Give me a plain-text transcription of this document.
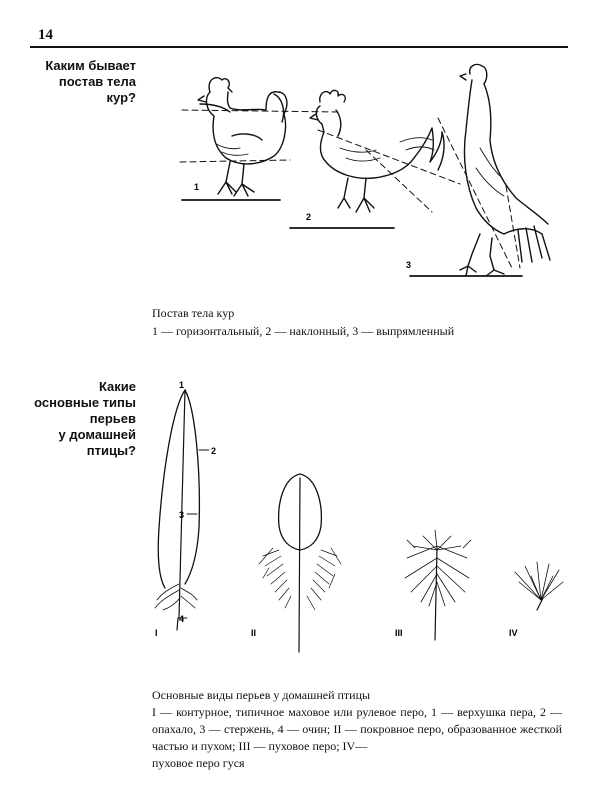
14
Каким бывает
постав тела
кур?
1
2
3
Постав тела кур
1 — горизонтальный, 2 — наклонный, 3 — выпрямленный
Какие
основные типы
перьев
у домашней
птицы?
1
2
3
4
I	II	III	IV
Основные виды перьев у домашней птицы
I — контурное, типичное маховое или рулевое перо, 1 — верхушка пера, 2 — опахало, 3 — стержень, 4 — очин; II — покровное перо, образованное жесткой частью и пухом; III — пуховое перо; IV—
пуховое перо гуся
